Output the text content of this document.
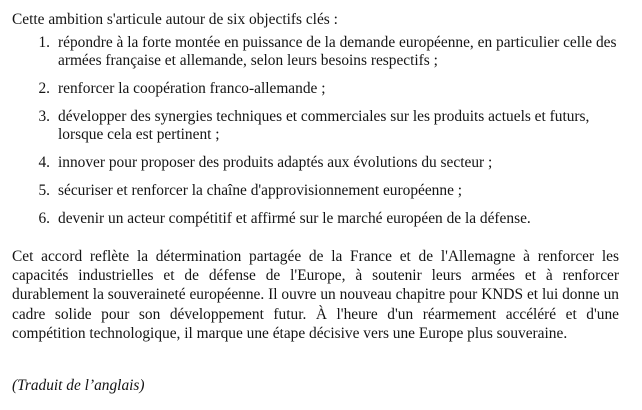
Cette ambition s'articule autour de six objectifs clés :

1. répondre à la forte montée en puissance de la demande européenne, en particulier celle des armées française et allemande, selon leurs besoins respectifs ;
2. renforcer la coopération franco-allemande ;
3. développer des synergies techniques et commerciales sur les produits actuels et futurs, lorsque cela est pertinent ;
4. innover pour proposer des produits adaptés aux évolutions du secteur ;
5. sécuriser et renforcer la chaîne d'approvisionnement européenne ;
6. devenir un acteur compétitif et affirmé sur le marché européen de la défense.

Cet accord reflète la détermination partagée de la France et de l'Allemagne à renforcer les capacités industrielles et de défense de l'Europe, à soutenir leurs armées et à renforcer durablement la souveraineté européenne. Il ouvre un nouveau chapitre pour KNDS et lui donne un cadre solide pour son développement futur. À l'heure d'un réarmement accéléré et d'une compétition technologique, il marque une étape décisive vers une Europe plus souveraine.

(Traduit de l’anglais)
